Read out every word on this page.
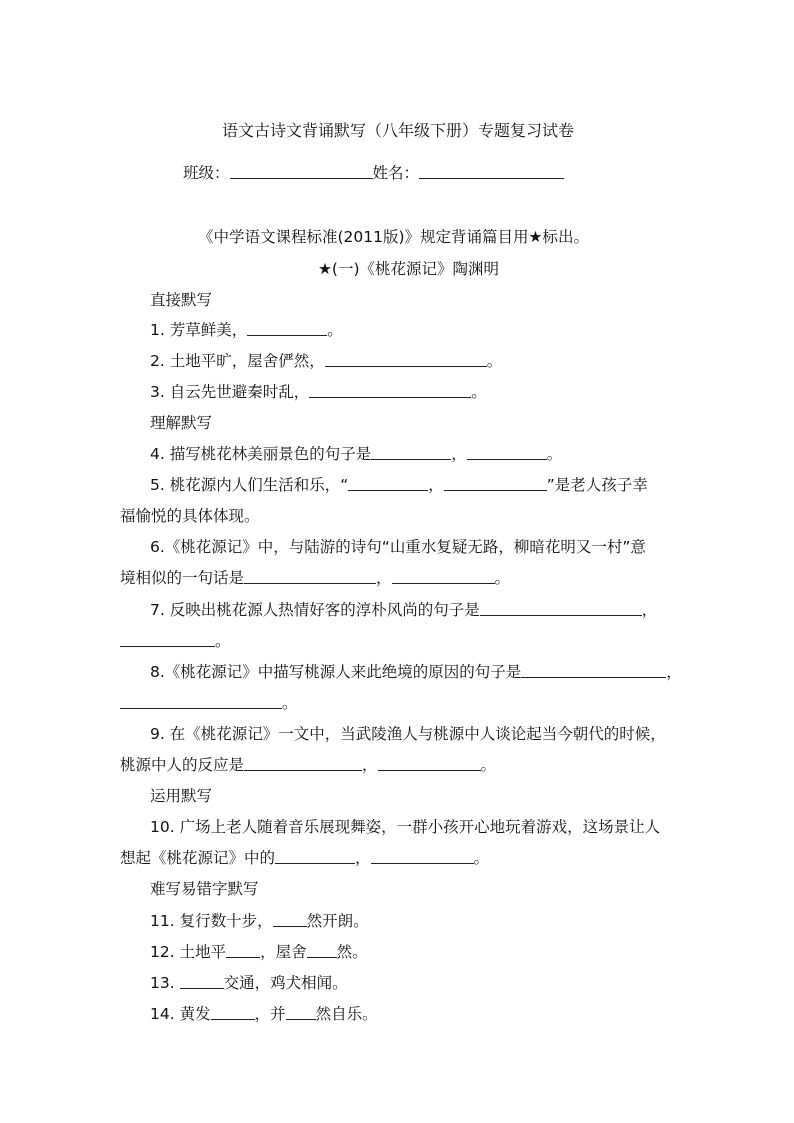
语文古诗文背诵默写（八年级下册）专题复习试卷
班级：	姓名：
《中学语文课程标准(2011版)》规定背诵篇目用★标出。
★(一)《桃花源记》陶渊明
直接默写
1. 芳草鲜美，	。
2. 土地平旷，屋舍俨然，	。
3. 自云先世避秦时乱，	。
理解默写
4. 描写桃花林美丽景色的句子是	，	。
5. 桃花源内人们生活和乐，“	，	”是老人孩子幸
福愉悦的具体体现。
6.《桃花源记》中，与陆游的诗句“山重水复疑无路，柳暗花明又一村”意
境相似的一句话是	，	。
7. 反映出桃花源人热情好客的淳朴风尚的句子是	，
。
8.《桃花源记》中描写桃源人来此绝境的原因的句子是	，
。
9. 在《桃花源记》一文中，当武陵渔人与桃源中人谈论起当今朝代的时候，
桃源中人的反应是	，	。
运用默写
10. 广场上老人随着音乐展现舞姿，一群小孩开心地玩着游戏，这场景让人
想起《桃花源记》中的	，	。
难写易错字默写
11. 复行数十步， 然开朗。
12. 土地平 ，屋舍 然。
13.	交通，鸡犬相闻。
14. 黄发	，并 然自乐。
